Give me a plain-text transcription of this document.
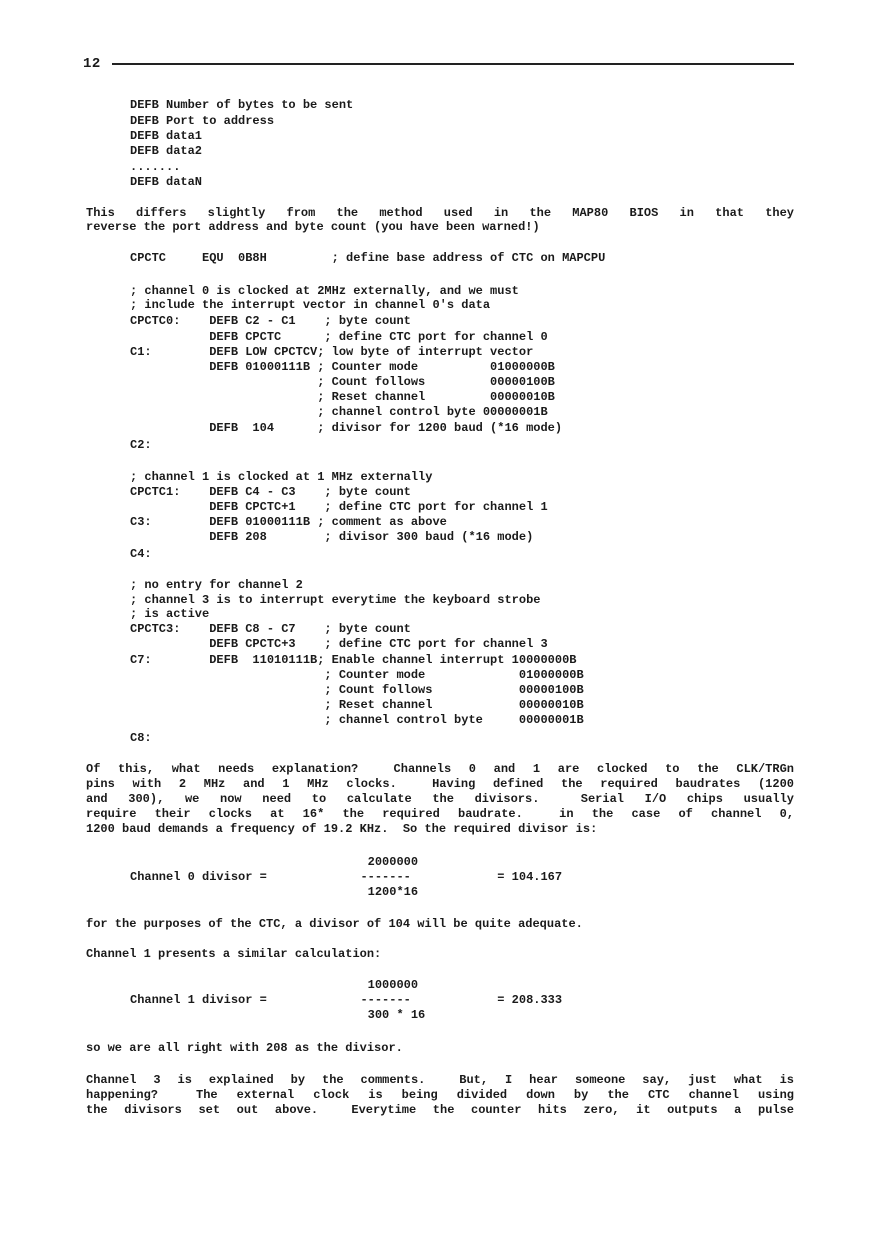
12
DEFB Number of bytes to be sent
DEFB Port to address
DEFB data1
DEFB data2
.......
DEFB dataN
This differs slightly from the method used in the MAP80 BIOS in that they
reverse the port address and byte count (you have been warned!)
CPCTC     EQU  0B8H         ; define base address of CTC on MAPCPU
; channel 0 is clocked at 2MHz externally, and we must
; include the interrupt vector in channel 0's data
CPCTC0:    DEFB C2 - C1    ; byte count
DEFB CPCTC      ; define CTC port for channel 0
C1:        DEFB LOW CPCTCV; low byte of interrupt vector
DEFB 01000111B ; Counter mode          01000000B
; Count follows         00000100B
; Reset channel         00000010B
; channel control byte 00000001B
DEFB  104      ; divisor for 1200 baud (*16 mode)
C2:
; channel 1 is clocked at 1 MHz externally
CPCTC1:    DEFB C4 - C3    ; byte count
DEFB CPCTC+1    ; define CTC port for channel 1
C3:        DEFB 01000111B ; comment as above
DEFB 208        ; divisor 300 baud (*16 mode)
C4:
; no entry for channel 2
; channel 3 is to interrupt everytime the keyboard strobe
; is active
CPCTC3:    DEFB C8 - C7    ; byte count
DEFB CPCTC+3    ; define CTC port for channel 3
C7:        DEFB  11010111B; Enable channel interrupt 10000000B
; Counter mode             01000000B
; Count follows            00000100B
; Reset channel            00000010B
; channel control byte     00000001B
C8:
Of this, what needs explanation?  Channels 0 and 1 are clocked to the CLK/TRGn
pins with 2 MHz and 1 MHz clocks.  Having defined the required baudrates (1200
and 300), we now need to calculate the divisors.  Serial I/O chips usually
require their clocks at 16* the required baudrate.  in the case of channel 0,
1200 baud demands a frequency of 19.2 KHz.  So the required divisor is:
2000000
Channel 0 divisor =             -------            = 104.167
1200*16
for the purposes of the CTC, a divisor of 104 will be quite adequate.
Channel 1 presents a similar calculation:
1000000
Channel 1 divisor =             -------            = 208.333
300 * 16
so we are all right with 208 as the divisor.
Channel 3 is explained by the comments.  But, I hear someone say, just what is
happening?  The external clock is being divided down by the CTC channel using
the divisors set out above.  Everytime the counter hits zero, it outputs a pulse
